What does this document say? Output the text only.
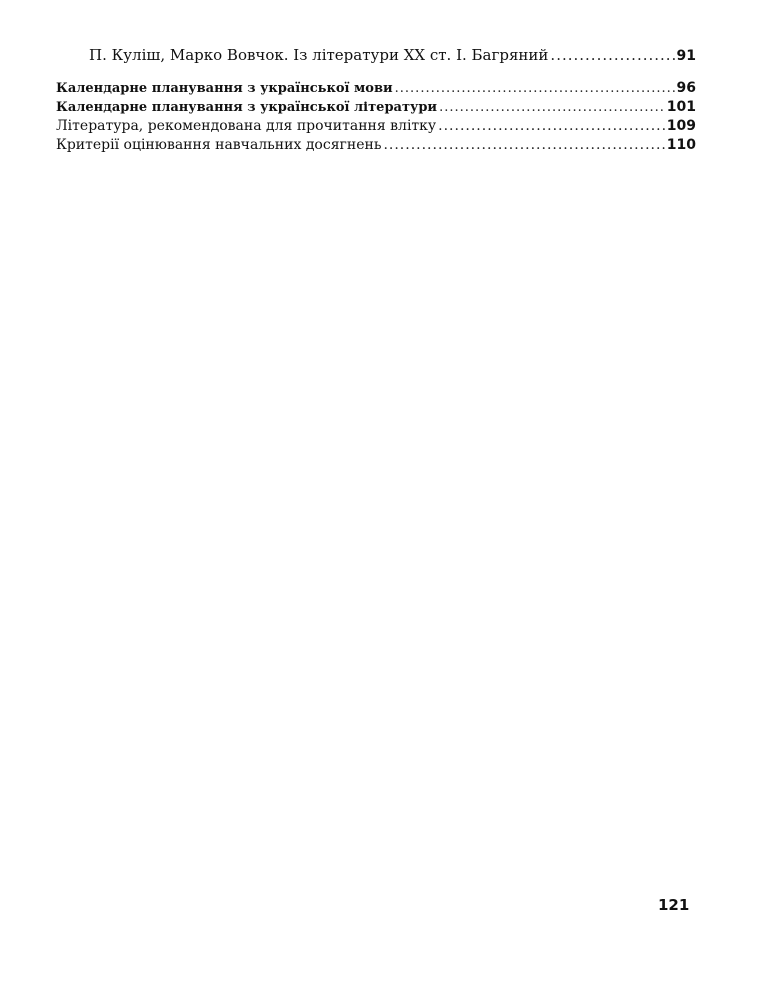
П. Куліш, Марко Вовчок. Із літератури XX ст. І. Багряний .....	91
Календарне планування з української мови .....	96
Календарне планування з української літератури .....	101
Література, рекомендована для прочитання влітку .....	109
Критерії оцінювання навчальних досягнень .....	110
121
